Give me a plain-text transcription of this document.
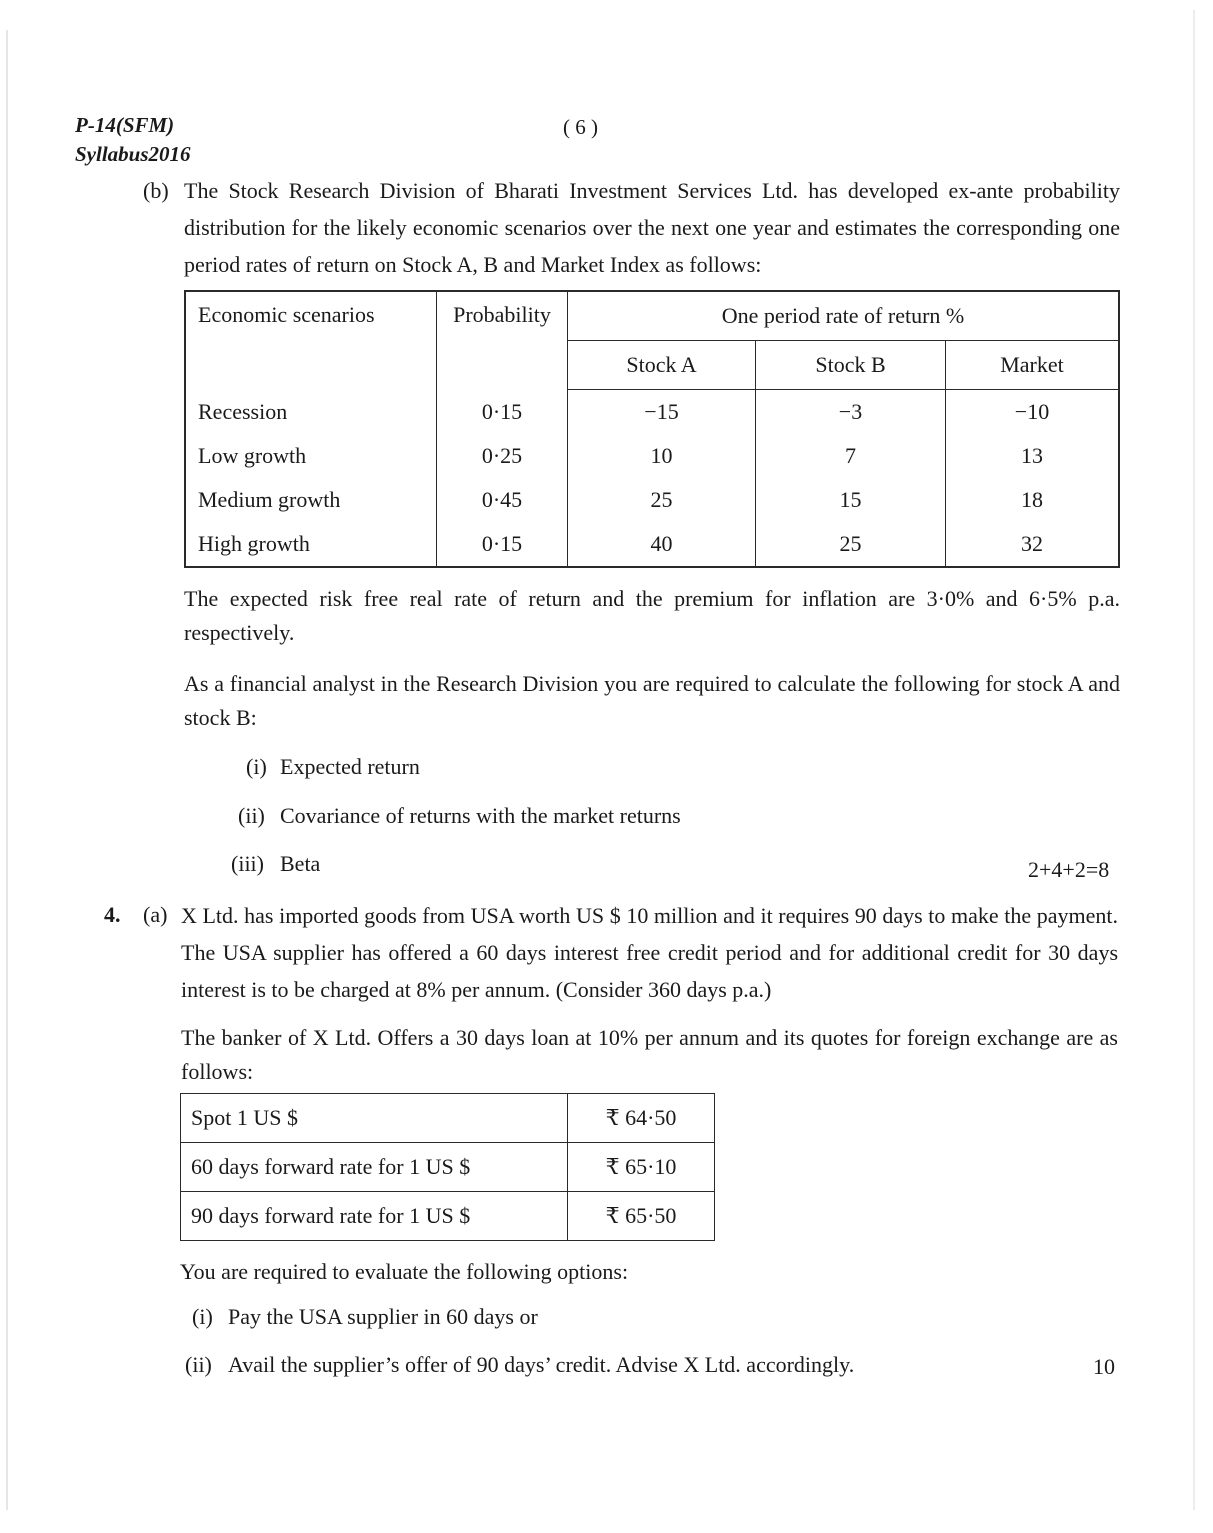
P-14(SFM)
Syllabus2016
( 6 )
(b) The Stock Research Division of Bharati Investment Services Ltd. has developed ex-ante probability distribution for the likely economic scenarios over the next one year and estimates the corresponding one period rates of return on Stock A, B and Market Index as follows:
Economic scenarios	Probability	One period rate of return %		
		Stock A	Stock B	Market
Recession	0·15	−15	−3	−10
Low growth	0·25	10	7	13
Medium growth	0·45	25	15	18
High growth	0·15	40	25	32
The expected risk free real rate of return and the premium for inflation are 3·0% and 6·5% p.a. respectively.
As a financial analyst in the Research Division you are required to calculate the following for stock A and stock B:
(i) Expected return
(ii) Covariance of returns with the market returns
(iii) Beta	2+4+2=8
4. (a) X Ltd. has imported goods from USA worth US $ 10 million and it requires 90 days to make the payment. The USA supplier has offered a 60 days interest free credit period and for additional credit for 30 days interest is to be charged at 8% per annum. (Consider 360 days p.a.)
The banker of X Ltd. Offers a 30 days loan at 10% per annum and its quotes for foreign exchange are as follows:
Spot 1 US $	₹ 64·50
60 days forward rate for 1 US $	₹ 65·10
90 days forward rate for 1 US $	₹ 65·50
You are required to evaluate the following options:
(i) Pay the USA supplier in 60 days or
(ii) Avail the supplier’s offer of 90 days’ credit. Advise X Ltd. accordingly.	10
